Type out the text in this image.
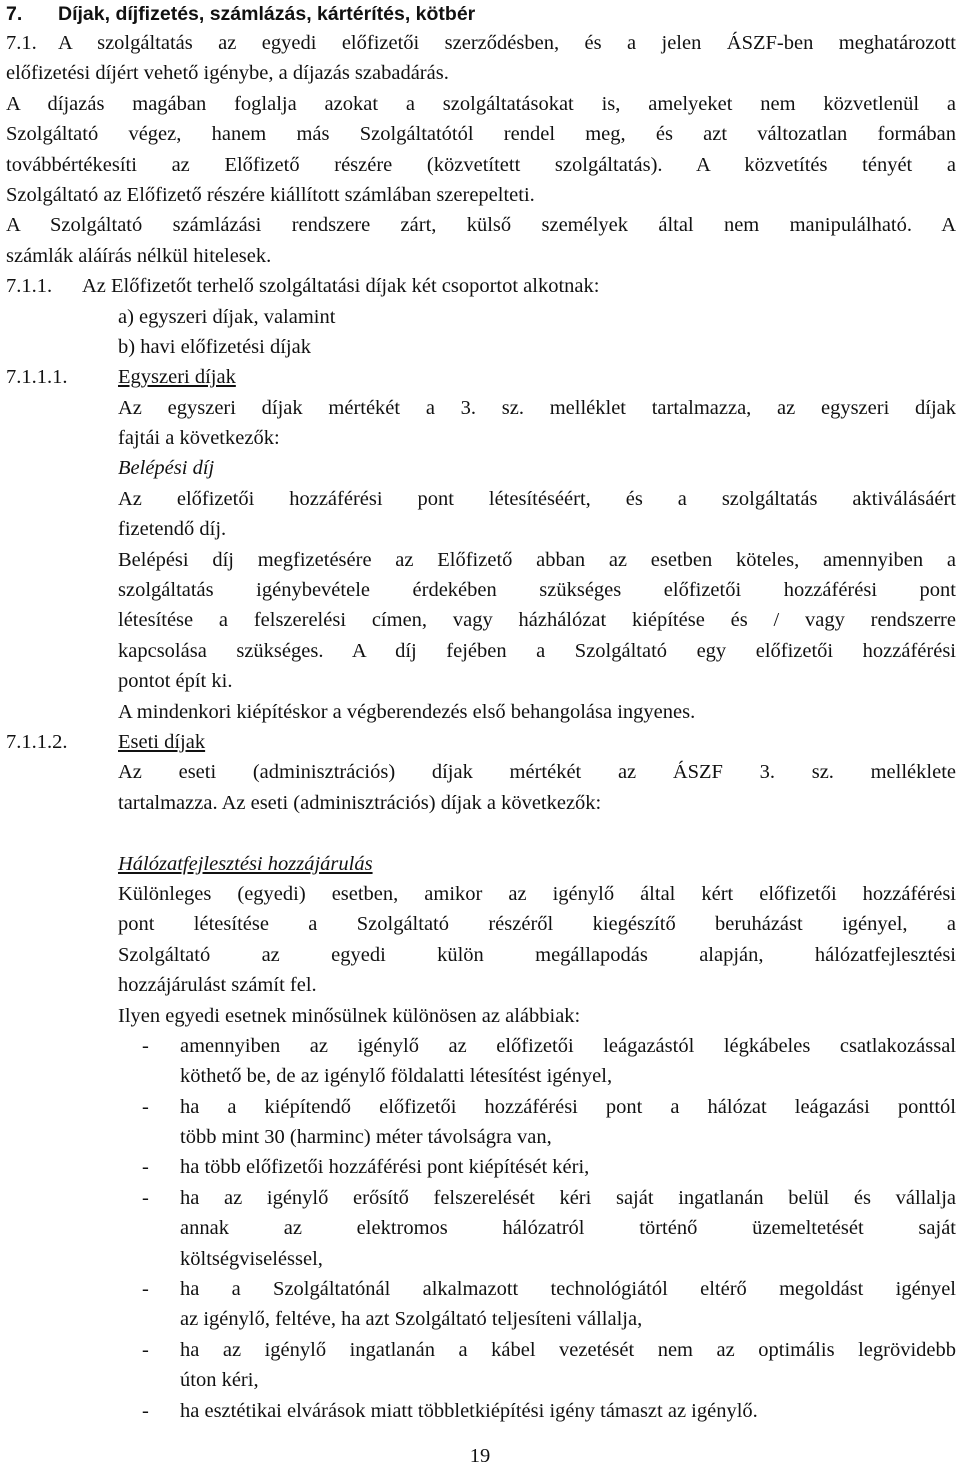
7. Díjak, díjfizetés, számlázás, kártérítés, kötbér
7.1. A szolgáltatás az egyedi előfizetői szerződésben, és a jelen ÁSZF-ben meghatározott
előfizetési díjért vehető igénybe, a díjazás szabadárás.
A díjazás magában foglalja azokat a szolgáltatásokat is, amelyeket nem közvetlenül a
Szolgáltató végez, hanem más Szolgáltatótól rendel meg, és azt változatlan formában
továbbértékesíti az Előfizető részére (közvetített szolgáltatás). A közvetítés tényét a
Szolgáltató az Előfizető részére kiállított számlában szerepelteti.
A Szolgáltató számlázási rendszere zárt, külső személyek által nem manipulálható. A
számlák aláírás nélkül hitelesek.
7.1.1. Az Előfizetőt terhelő szolgáltatási díjak két csoportot alkotnak:
a) egyszeri díjak, valamint
b) havi előfizetési díjak
7.1.1.1. Egyszeri díjak
Az egyszeri díjak mértékét a 3. sz. melléklet tartalmazza, az egyszeri díjak
fajtái a következők:
Belépési díj
Az előfizetői hozzáférési pont létesítéséért, és a szolgáltatás aktiválásáért
fizetendő díj.
Belépési díj megfizetésére az Előfizető abban az esetben köteles, amennyiben a
szolgáltatás igénybevétele érdekében szükséges előfizetői hozzáférési pont
létesítése a felszerelési címen, vagy házhálózat kiépítése és / vagy rendszerre
kapcsolása szükséges. A díj fejében a Szolgáltató egy előfizetői hozzáférési
pontot épít ki.
A mindenkori kiépítéskor a végberendezés első behangolása ingyenes.
7.1.1.2. Eseti díjak
Az eseti (adminisztrációs) díjak mértékét az ÁSZF 3. sz. melléklete
tartalmazza. Az eseti (adminisztrációs) díjak a következők:
Hálózatfejlesztési hozzájárulás
Különleges (egyedi) esetben, amikor az igénylő által kért előfizetői hozzáférési
pont létesítése a Szolgáltató részéről kiegészítő beruházást igényel, a
Szolgáltató az egyedi külön megállapodás alapján, hálózatfejlesztési
hozzájárulást számít fel.
Ilyen egyedi esetnek minősülnek különösen az alábbiak:
- amennyiben az igénylő az előfizetői leágazástól légkábeles csatlakozással
köthető be, de az igénylő földalatti létesítést igényel,
- ha a kiépítendő előfizetői hozzáférési pont a hálózat leágazási ponttól
több mint 30 (harminc) méter távolságra van,
- ha több előfizetői hozzáférési pont kiépítését kéri,
- ha az igénylő erősítő felszerelését kéri saját ingatlanán belül és vállalja
annak az elektromos hálózatról történő üzemeltetését saját
költségviseléssel,
- ha a Szolgáltatónál alkalmazott technológiától eltérő megoldást igényel
az igénylő, feltéve, ha azt Szolgáltató teljesíteni vállalja,
- ha az igénylő ingatlanán a kábel vezetését nem az optimális legrövidebb
úton kéri,
- ha esztétikai elvárások miatt többletkiépítési igény támaszt az igénylő.
19
